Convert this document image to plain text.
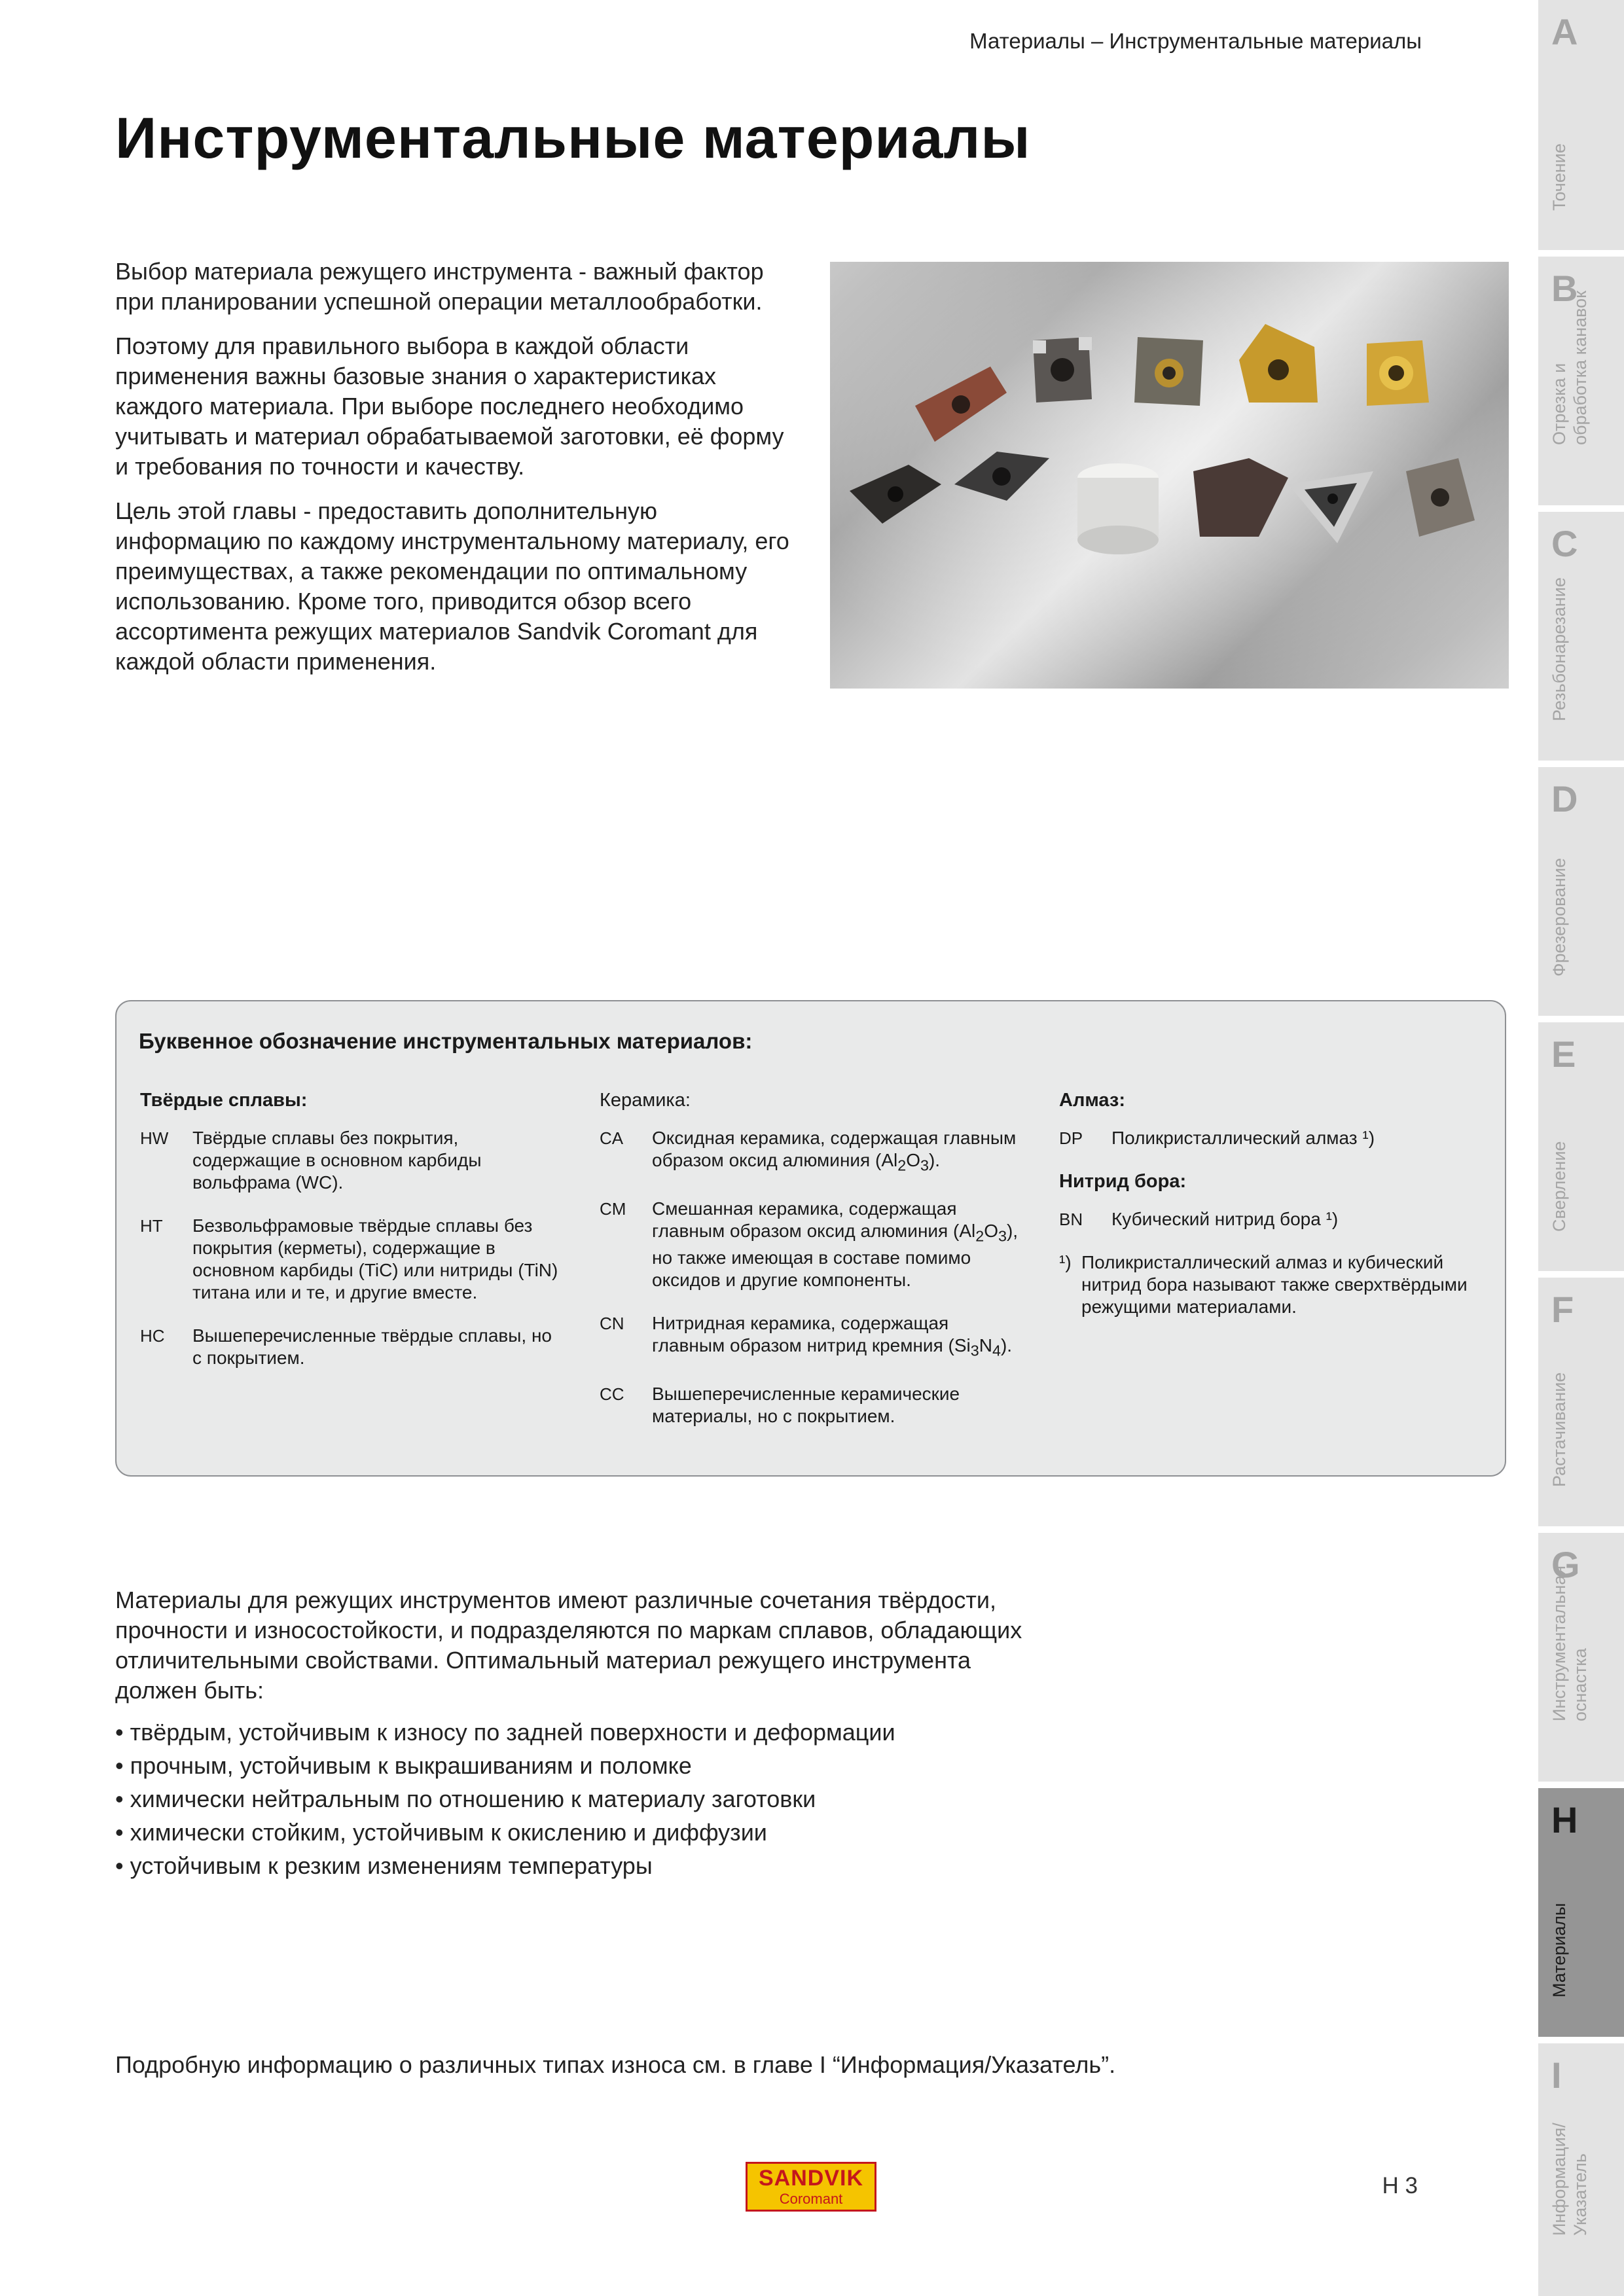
Материалы – Инструментальные материалы
Инструментальные материалы

Выбор материала режущего инструмента - важный фактор при планировании успешной операции металлообработки.

Поэтому для правильного выбора в каждой области применения важны базовые знания о характеристиках каждого материала. При выборе последнего необходимо учитывать и материал обрабатываемой заготовки, её форму и требования по точности и качеству.

Цель этой главы - предоставить дополнительную информацию по каждому инструментальному материалу, его преимуществах, а также рекомендации по оптимальному использованию. Кроме того, приводится обзор всего ассортимента режущих материалов Sandvik Coromant для каждой области применения.

Буквенное обозначение инструментальных материалов:
Твёрдые сплавы:
HW	Твёрдые сплавы без покрытия, содержащие в основном карбиды вольфрама (WC).
HT	Безвольфрамовые твёрдые сплавы без покрытия (керметы), содержащие в основном карбиды (TiC) или нитриды (TiN) титана или и те, и другие вместе.
HC	Вышеперечисленные твёрдые сплавы, но с покрытием.
Керамика:
CA	Оксидная керамика, содержащая главным образом оксид алюминия $(Al_2O_3)$.
CM	Смешанная керамика, содержащая главным образом оксид алюминия $(Al_2O_3)$, но также имеющая в составе помимо оксидов и другие компоненты.
CN	Нитридная керамика, содержащая главным образом нитрид кремния $(Si_3N_4)$.
CC	Вышеперечисленные керамические материалы, но с покрытием.
Алмаз:
DP	Поликристаллический алмаз ¹)
Нитрид бора:
BN	Кубический нитрид бора ¹)
¹) Поликристаллический алмаз и кубический нитрид бора называют также сверхтвёрдыми режущими материалами.

Материалы для режущих инструментов имеют различные сочетания твёрдости, прочности и износостойкости, и подразделяются по маркам сплавов, обладающих отличительными свойствами. Оптимальный материал режущего инструмента должен быть:

• твёрдым, устойчивым к износу по задней поверхности и деформации
• прочным, устойчивым к выкрашиваниям и поломке
• химически нейтральным по отношению к материалу заготовки
• химически стойким, устойчивым к окислению и диффузии
• устойчивым к резким изменениям температуры
Подробную информацию о различных типах износа см. в главе I “Информация/Указатель”.
SANDVIK
Coromant
H 3
A
Точение
B
Отрезка и
обработка канавок
C
Резьбонарезание
D
Фрезерование
E
Сверление
F
Растачивание
G
Инструментальная
оснастка
H
Материалы
I
Информация/
Указатель
